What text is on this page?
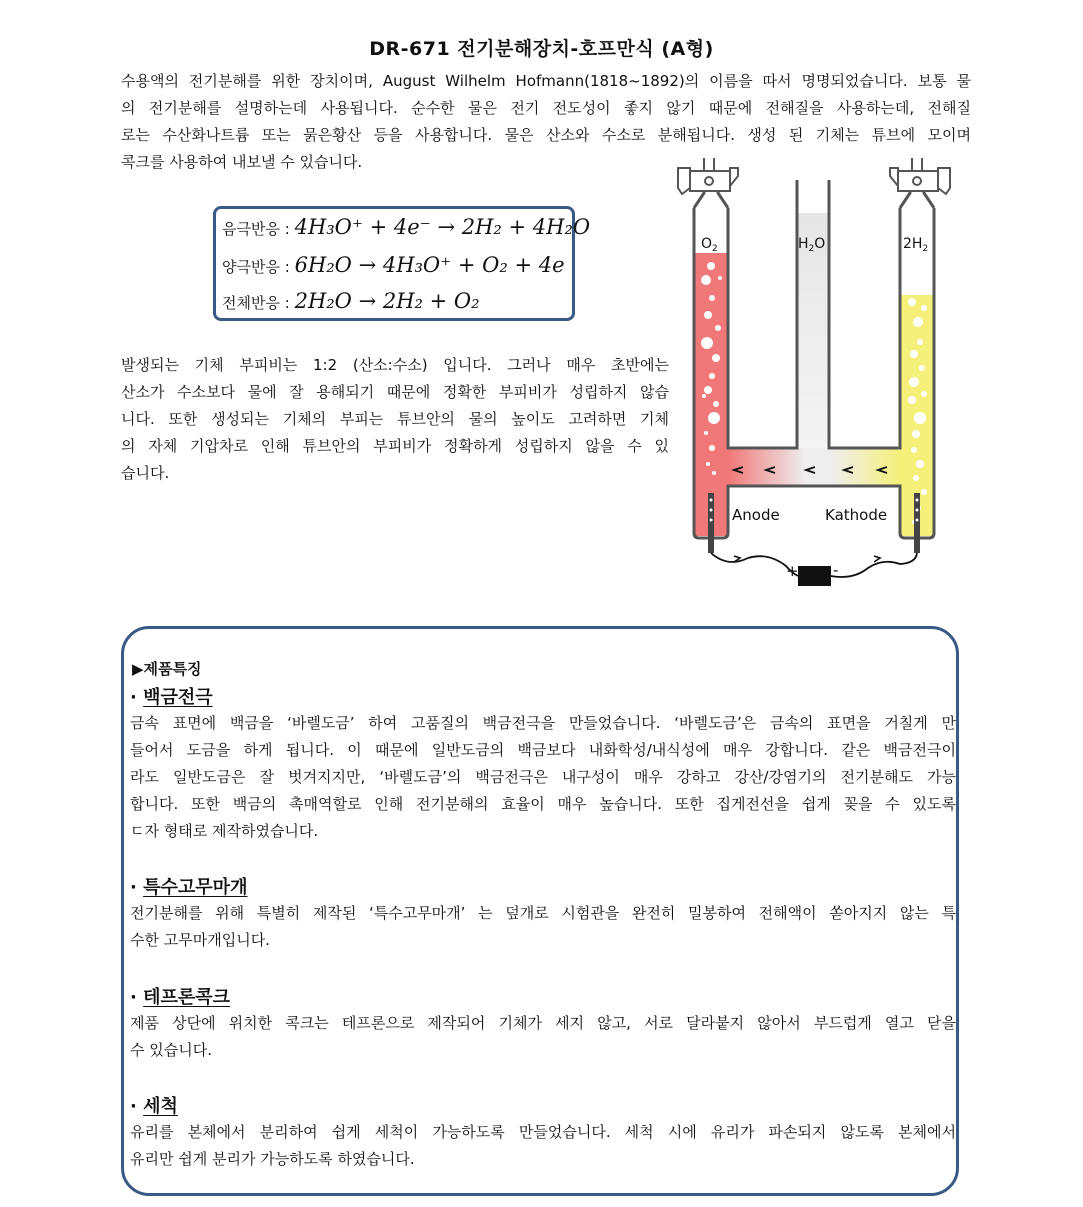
DR-671 전기분해장치-호프만식 (A형)
수용액의 전기분해를 위한 장치이며, August Wilhelm Hofmann(1818~1892)의 이름을 따서 명명되었습니다. 보통 물
의 전기분해를 설명하는데 사용됩니다. 순수한 물은 전기 전도성이 좋지 않기 때문에 전해질을 사용하는데, 전해질
로는 수산화나트륨 또는 묽은황산 등을 사용합니다. 물은 산소와 수소로 분해됩니다. 생성 된 기체는 튜브에 모이며
콕크를 사용하여 내보낼 수 있습니다.
음극반응 : 4H₃O⁺ + 4e⁻ → 2H₂ + 4H₂O
양극반응 : 6H₂O → 4H₃O⁺ + O₂ + 4e
전체반응 : 2H₂O → 2H₂ + O₂
발생되는 기체 부피비는 1:2 (산소:수소) 입니다. 그러나 매우 초반에는
산소가 수소보다 물에 잘 용해되기 때문에 정확한 부피비가 성립하지 않습
니다. 또한 생성되는 기체의 부피는 튜브안의 물의 높이도 고려하면 기체
의 자체 기압차로 인해 튜브안의 부피비가 정확하게 성립하지 않을 수 있
습니다.
$O_2$	$H_2O$	$2H_2$
Anode	Kathode
+ -
▶제품특징
· 백금전극
금속 표면에 백금을 ‘바렐도금’ 하여 고품질의 백금전극을 만들었습니다. ‘바렐도금’은 금속의 표면을 거칠게 만
들어서 도금을 하게 됩니다. 이 때문에 일반도금의 백금보다 내화학성/내식성에 매우 강합니다. 같은 백금전극이
라도 일반도금은 잘 벗겨지지만, ‘바렐도금’의 백금전극은 내구성이 매우 강하고 강산/강염기의 전기분해도 가능
합니다. 또한 백금의 촉매역할로 인해 전기분해의 효율이 매우 높습니다. 또한 집게전선을 쉽게 꽂을 수 있도록
ㄷ자 형태로 제작하였습니다.
· 특수고무마개
전기분해를 위해 특별히 제작된 ‘특수고무마개’ 는 덮개로 시험관을 완전히 밀봉하여 전해액이 쏟아지지 않는 특
수한 고무마개입니다.
· 테프론콕크
제품 상단에 위치한 콕크는 테프론으로 제작되어 기체가 세지 않고, 서로 달라붙지 않아서 부드럽게 열고 닫을
수 있습니다.
· 세척
유리를 본체에서 분리하여 쉽게 세척이 가능하도록 만들었습니다. 세척 시에 유리가 파손되지 않도록 본체에서
유리만 쉽게 분리가 가능하도록 하였습니다.
